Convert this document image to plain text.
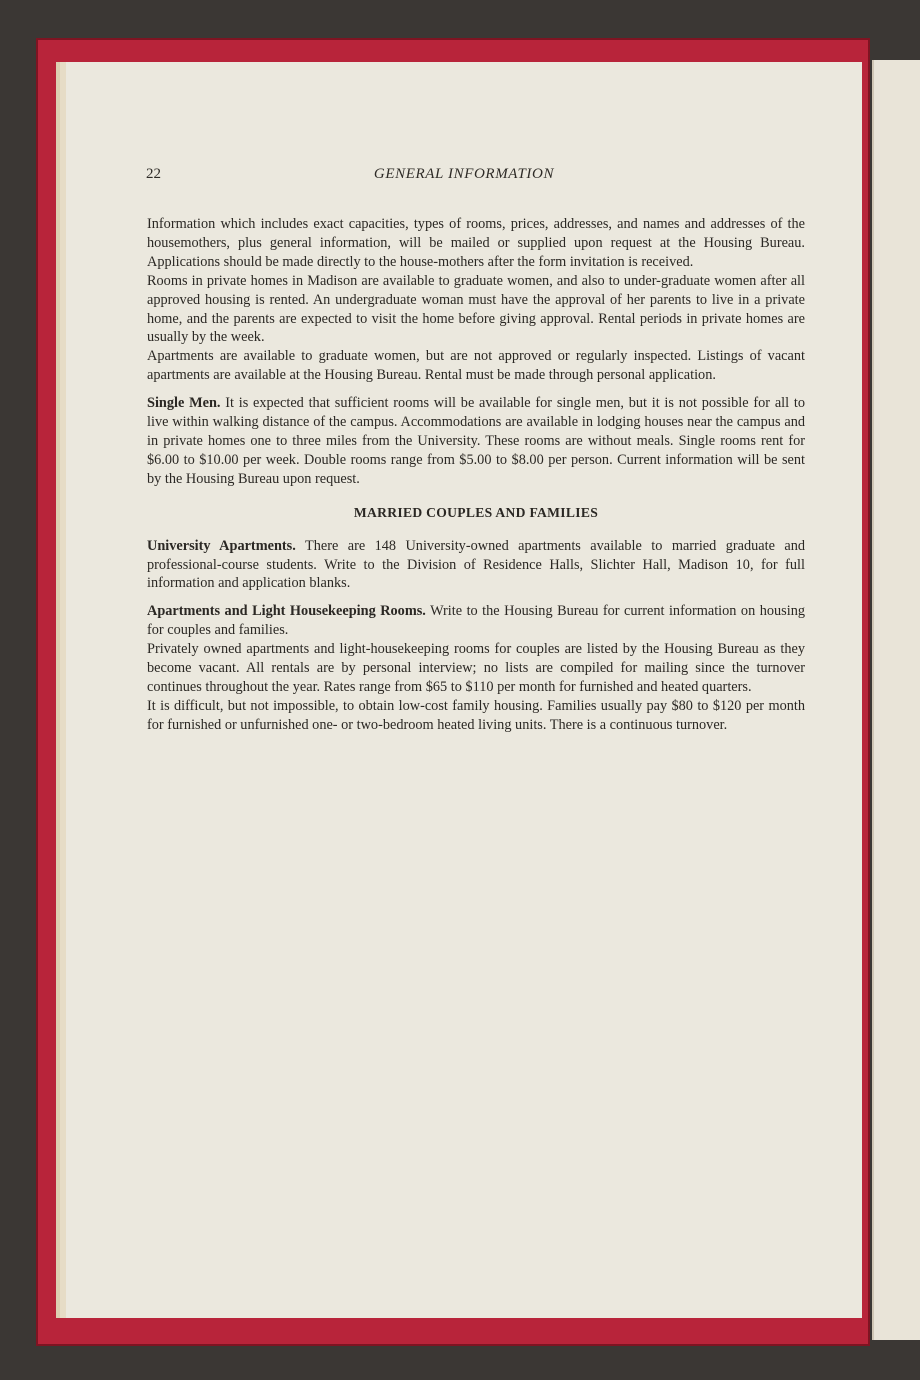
22	GENERAL INFORMATION

Information which includes exact capacities, types of rooms, prices, addresses, and names and addresses of the housemothers, plus general information, will be mailed or supplied upon request at the Housing Bureau. Applications should be made directly to the house-mothers after the form invitation is received.

Rooms in private homes in Madison are available to graduate women, and also to under-graduate women after all approved housing is rented. An undergraduate woman must have the approval of her parents to live in a private home, and the parents are expected to visit the home before giving approval. Rental periods in private homes are usually by the week.

Apartments are available to graduate women, but are not approved or regularly inspected. Listings of vacant apartments are available at the Housing Bureau. Rental must be made through personal application.

Single Men. It is expected that sufficient rooms will be available for single men, but it is not possible for all to live within walking distance of the campus. Accommodations are available in lodging houses near the campus and in private homes one to three miles from the University. These rooms are without meals. Single rooms rent for $6.00 to $10.00 per week. Double rooms range from $5.00 to $8.00 per person. Current information will be sent by the Housing Bureau upon request.

MARRIED COUPLES AND FAMILIES

University Apartments. There are 148 University-owned apartments available to married graduate and professional-course students. Write to the Division of Residence Halls, Slichter Hall, Madison 10, for full information and application blanks.

Apartments and Light Housekeeping Rooms. Write to the Housing Bureau for current information on housing for couples and families.

Privately owned apartments and light-housekeeping rooms for couples are listed by the Housing Bureau as they become vacant. All rentals are by personal interview; no lists are compiled for mailing since the turnover continues throughout the year. Rates range from $65 to $110 per month for furnished and heated quarters.

It is difficult, but not impossible, to obtain low-cost family housing. Families usually pay $80 to $120 per month for furnished or unfurnished one- or two-bedroom heated living units. There is a continuous turnover.
